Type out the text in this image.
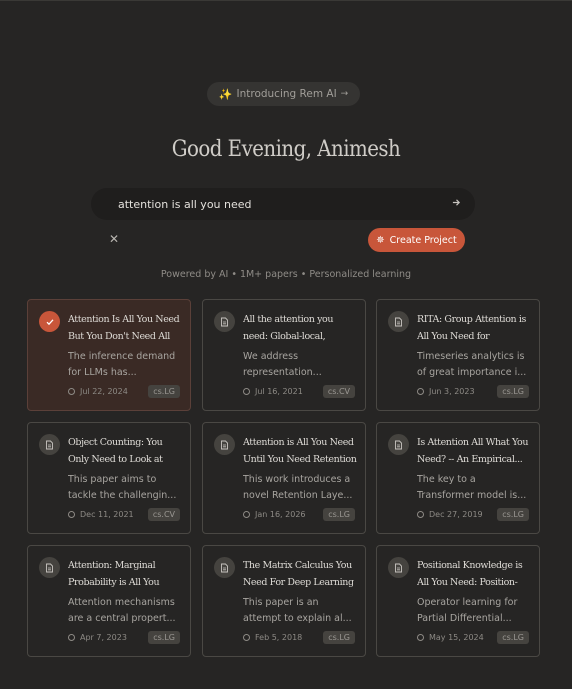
✨ Introducing Rem AI →
Good Evening, Animesh
attention is all you need
✕	✵ Create Project
Powered by AI • 1M+ papers • Personalized learning
Attention Is All You Need But You Don't Need All
The inference demand for LLMs has...
Jul 22, 2024	cs.LG
All the attention you need: Global-local,
We address representation...
Jul 16, 2021	cs.CV
RITA: Group Attention is All You Need for
Timeseries analytics is of great importance i...
Jun 3, 2023	cs.LG
Object Counting: You Only Need to Look at
This paper aims to tackle the challengin...
Dec 11, 2021	cs.CV
Attention is All You Need Until You Need Retention
This work introduces a novel Retention Laye...
Jan 16, 2026	cs.LG
Is Attention All What You Need? -- An Empirical...
The key to a Transformer model is...
Dec 27, 2019	cs.LG
Attention: Marginal Probability is All You
Attention mechanisms are a central propert...
Apr 7, 2023	cs.LG
The Matrix Calculus You Need For Deep Learning
This paper is an attempt to explain al...
Feb 5, 2018	cs.LG
Positional Knowledge is All You Need: Position-
Operator learning for Partial Differential...
May 15, 2024	cs.LG
